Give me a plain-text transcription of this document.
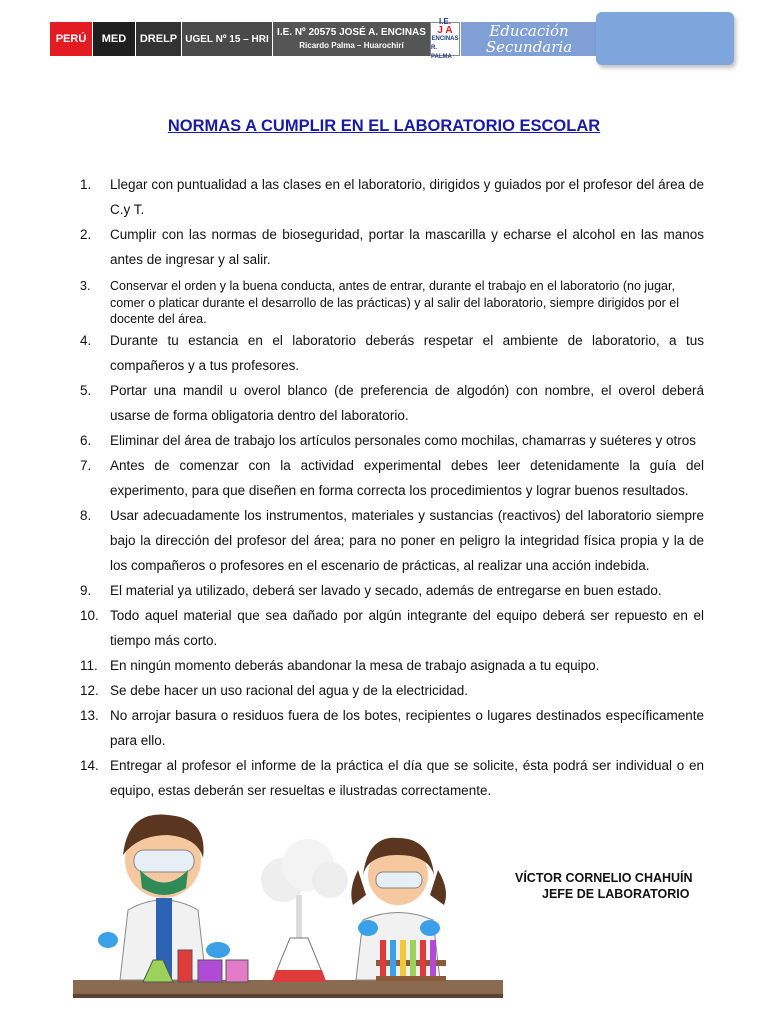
PERÚ	MED	DRELP UGEL Nº 15 – HRI
I.E. Nº 20575 JOSÉ A. ENCINAS
Ricardo Palma – Huarochirí
I.E.
J A
ENCINAS
R. PALMA
Educación
Secundaria
NORMAS A CUMPLIR EN EL LABORATORIO ESCOLAR
1.	Llegar con puntualidad a las clases en el laboratorio, dirigidos y guiados por el profesor del área de C.y T.
2.	Cumplir con las normas de bioseguridad, portar la mascarilla y echarse el alcohol en las manos antes de ingresar y al salir.
3.	Conservar el orden y la buena conducta, antes de entrar, durante el trabajo en el laboratorio (no jugar, comer o platicar durante el desarrollo de las prácticas) y al salir del laboratorio, siempre dirigidos por el docente del área.
4.	Durante tu estancia en el laboratorio deberás respetar el ambiente de laboratorio, a tus compañeros y a tus profesores.
5.	Portar una mandil u overol blanco (de preferencia de algodón) con nombre, el overol deberá usarse de forma obligatoria dentro del laboratorio.
6.	Eliminar del área de trabajo los artículos personales como mochilas, chamarras y suéteres y otros
7.	Antes de comenzar con la actividad experimental debes leer detenidamente la guía del experimento, para que diseñen en forma correcta los procedimientos y lograr buenos resultados.
8.	Usar adecuadamente los instrumentos, materiales y sustancias (reactivos) del laboratorio siempre bajo la dirección del profesor del área; para no poner en peligro la integridad física propia y la de los compañeros o profesores en el escenario de prácticas, al realizar una acción indebida.
9.	El material ya utilizado, deberá ser lavado y secado, además de entregarse en buen estado.
10. Todo aquel material que sea dañado por algún integrante del equipo deberá ser repuesto en el tiempo más corto.
11. En ningún momento deberás abandonar la mesa de trabajo asignada a tu equipo.
12. Se debe hacer un uso racional del agua y de la electricidad.
13. No arrojar basura o residuos fuera de los botes, recipientes o lugares destinados específicamente para ello.
14. Entregar al profesor el informe de la práctica el día que se solicite, ésta podrá ser individual o en equipo, estas deberán ser resueltas e ilustradas correctamente.
VÍCTOR CORNELIO CHAHUÍN
JEFE DE LABORATORIO
